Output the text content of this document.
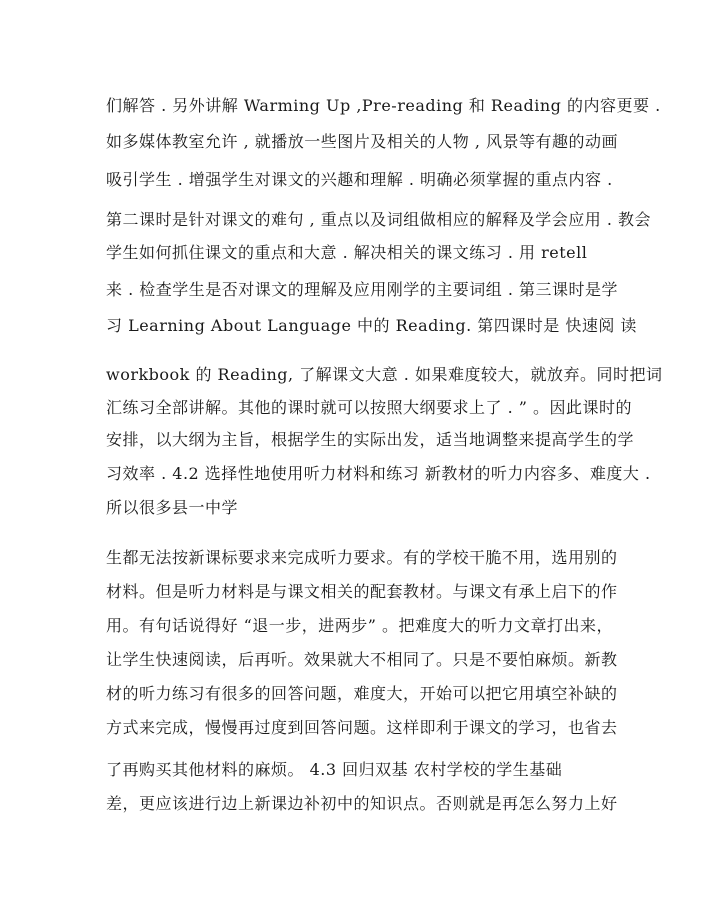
们解答 . 另外讲解 Warming Up ,Pre-reading 和 Reading 的内容更要 .
如多媒体教室允许 , 就播放一些图片及相关的人物 , 风景等有趣的动画
吸引学生 . 增强学生对课文的兴趣和理解 . 明确必须掌握的重点内容 .
第二课时是针对课文的难句 , 重点以及词组做相应的解释及学会应用 . 教会
学生如何抓住课文的重点和大意 . 解决相关的课文练习 . 用 retell
来 . 检查学生是否对课文的理解及应用刚学的主要词组 . 第三课时是学
习 Learning About Language 中的 Reading. 第四课时是 快速阅 读
workbook 的 Reading, 了解课文大意 . 如果难度较大，就放弃。同时把词
汇练习全部讲解。其他的课时就可以按照大纲要求上了 . ” 。因此课时的
安排，以大纲为主旨，根据学生的实际出发，适当地调整来提高学生的学
习效率 . 4.2 选择性地使用听力材料和练习 新教材的听力内容多、难度大 .
所以很多县一中学
生都无法按新课标要求来完成听力要求。有的学校干脆不用，选用别的
材料。但是听力材料是与课文相关的配套教材。与课文有承上启下的作
用。有句话说得好 “退一步，进两步” 。把难度大的听力文章打出来，
让学生快速阅读，后再听。效果就大不相同了。只是不要怕麻烦。新教
材的听力练习有很多的回答问题，难度大，开始可以把它用填空补缺的
方式来完成，慢慢再过度到回答问题。这样即利于课文的学习，也省去
了再购买其他材料的麻烦。 4.3 回归双基 农村学校的学生基础
差，更应该进行边上新课边补初中的知识点。否则就是再怎么努力上好
